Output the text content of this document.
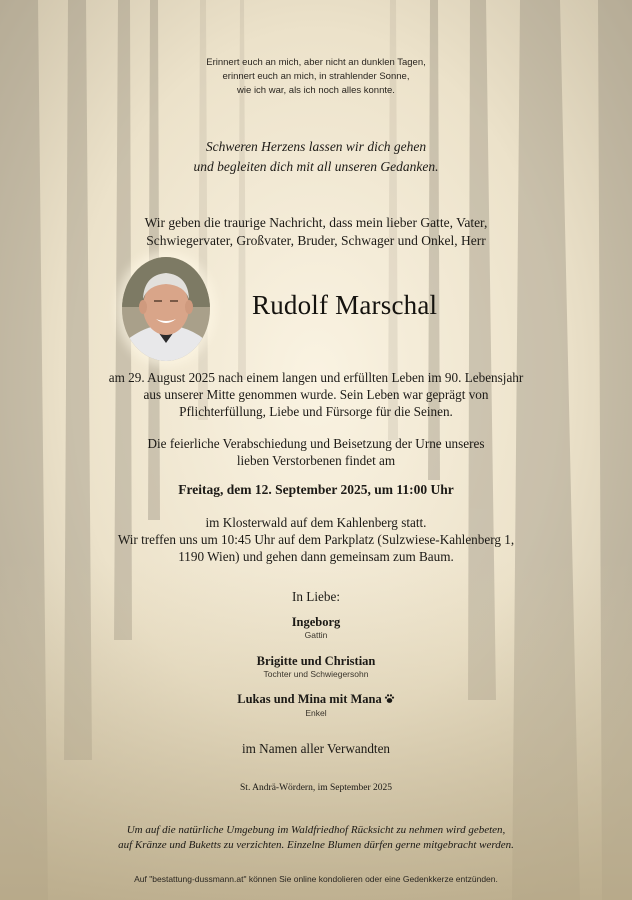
Erinnert euch an mich, aber nicht an dunklen Tagen,
erinnert euch an mich, in strahlender Sonne,
wie ich war, als ich noch alles konnte.
Schweren Herzens lassen wir dich gehen
und begleiten dich mit all unseren Gedanken.
Wir geben die traurige Nachricht, dass mein lieber Gatte, Vater,
Schwiegervater, Großvater, Bruder, Schwager und Onkel, Herr
Rudolf Marschal
am 29. August 2025 nach einem langen und erfüllten Leben im 90. Lebensjahr
aus unserer Mitte genommen wurde. Sein Leben war geprägt von
Pflichterfüllung, Liebe und Fürsorge für die Seinen.
Die feierliche Verabschiedung und Beisetzung der Urne unseres
lieben Verstorbenen findet am
Freitag, dem 12. September 2025, um 11:00 Uhr
im Klosterwald auf dem Kahlenberg statt.
Wir treffen uns um 10:45 Uhr auf dem Parkplatz (Sulzwiese-Kahlenberg 1,
1190 Wien) und gehen dann gemeinsam zum Baum.
In Liebe:
Ingeborg
Gattin
Brigitte und Christian
Tochter und Schwiegersohn
Lukas und Mina mit Mana
Enkel
im Namen aller Verwandten
St. Andrä-Wördern, im September 2025
Um auf die natürliche Umgebung im Waldfriedhof Rücksicht zu nehmen wird gebeten,
auf Kränze und Buketts zu verzichten. Einzelne Blumen dürfen gerne mitgebracht werden.
Auf "bestattung-dussmann.at" können Sie online kondolieren oder eine Gedenkkerze entzünden.
